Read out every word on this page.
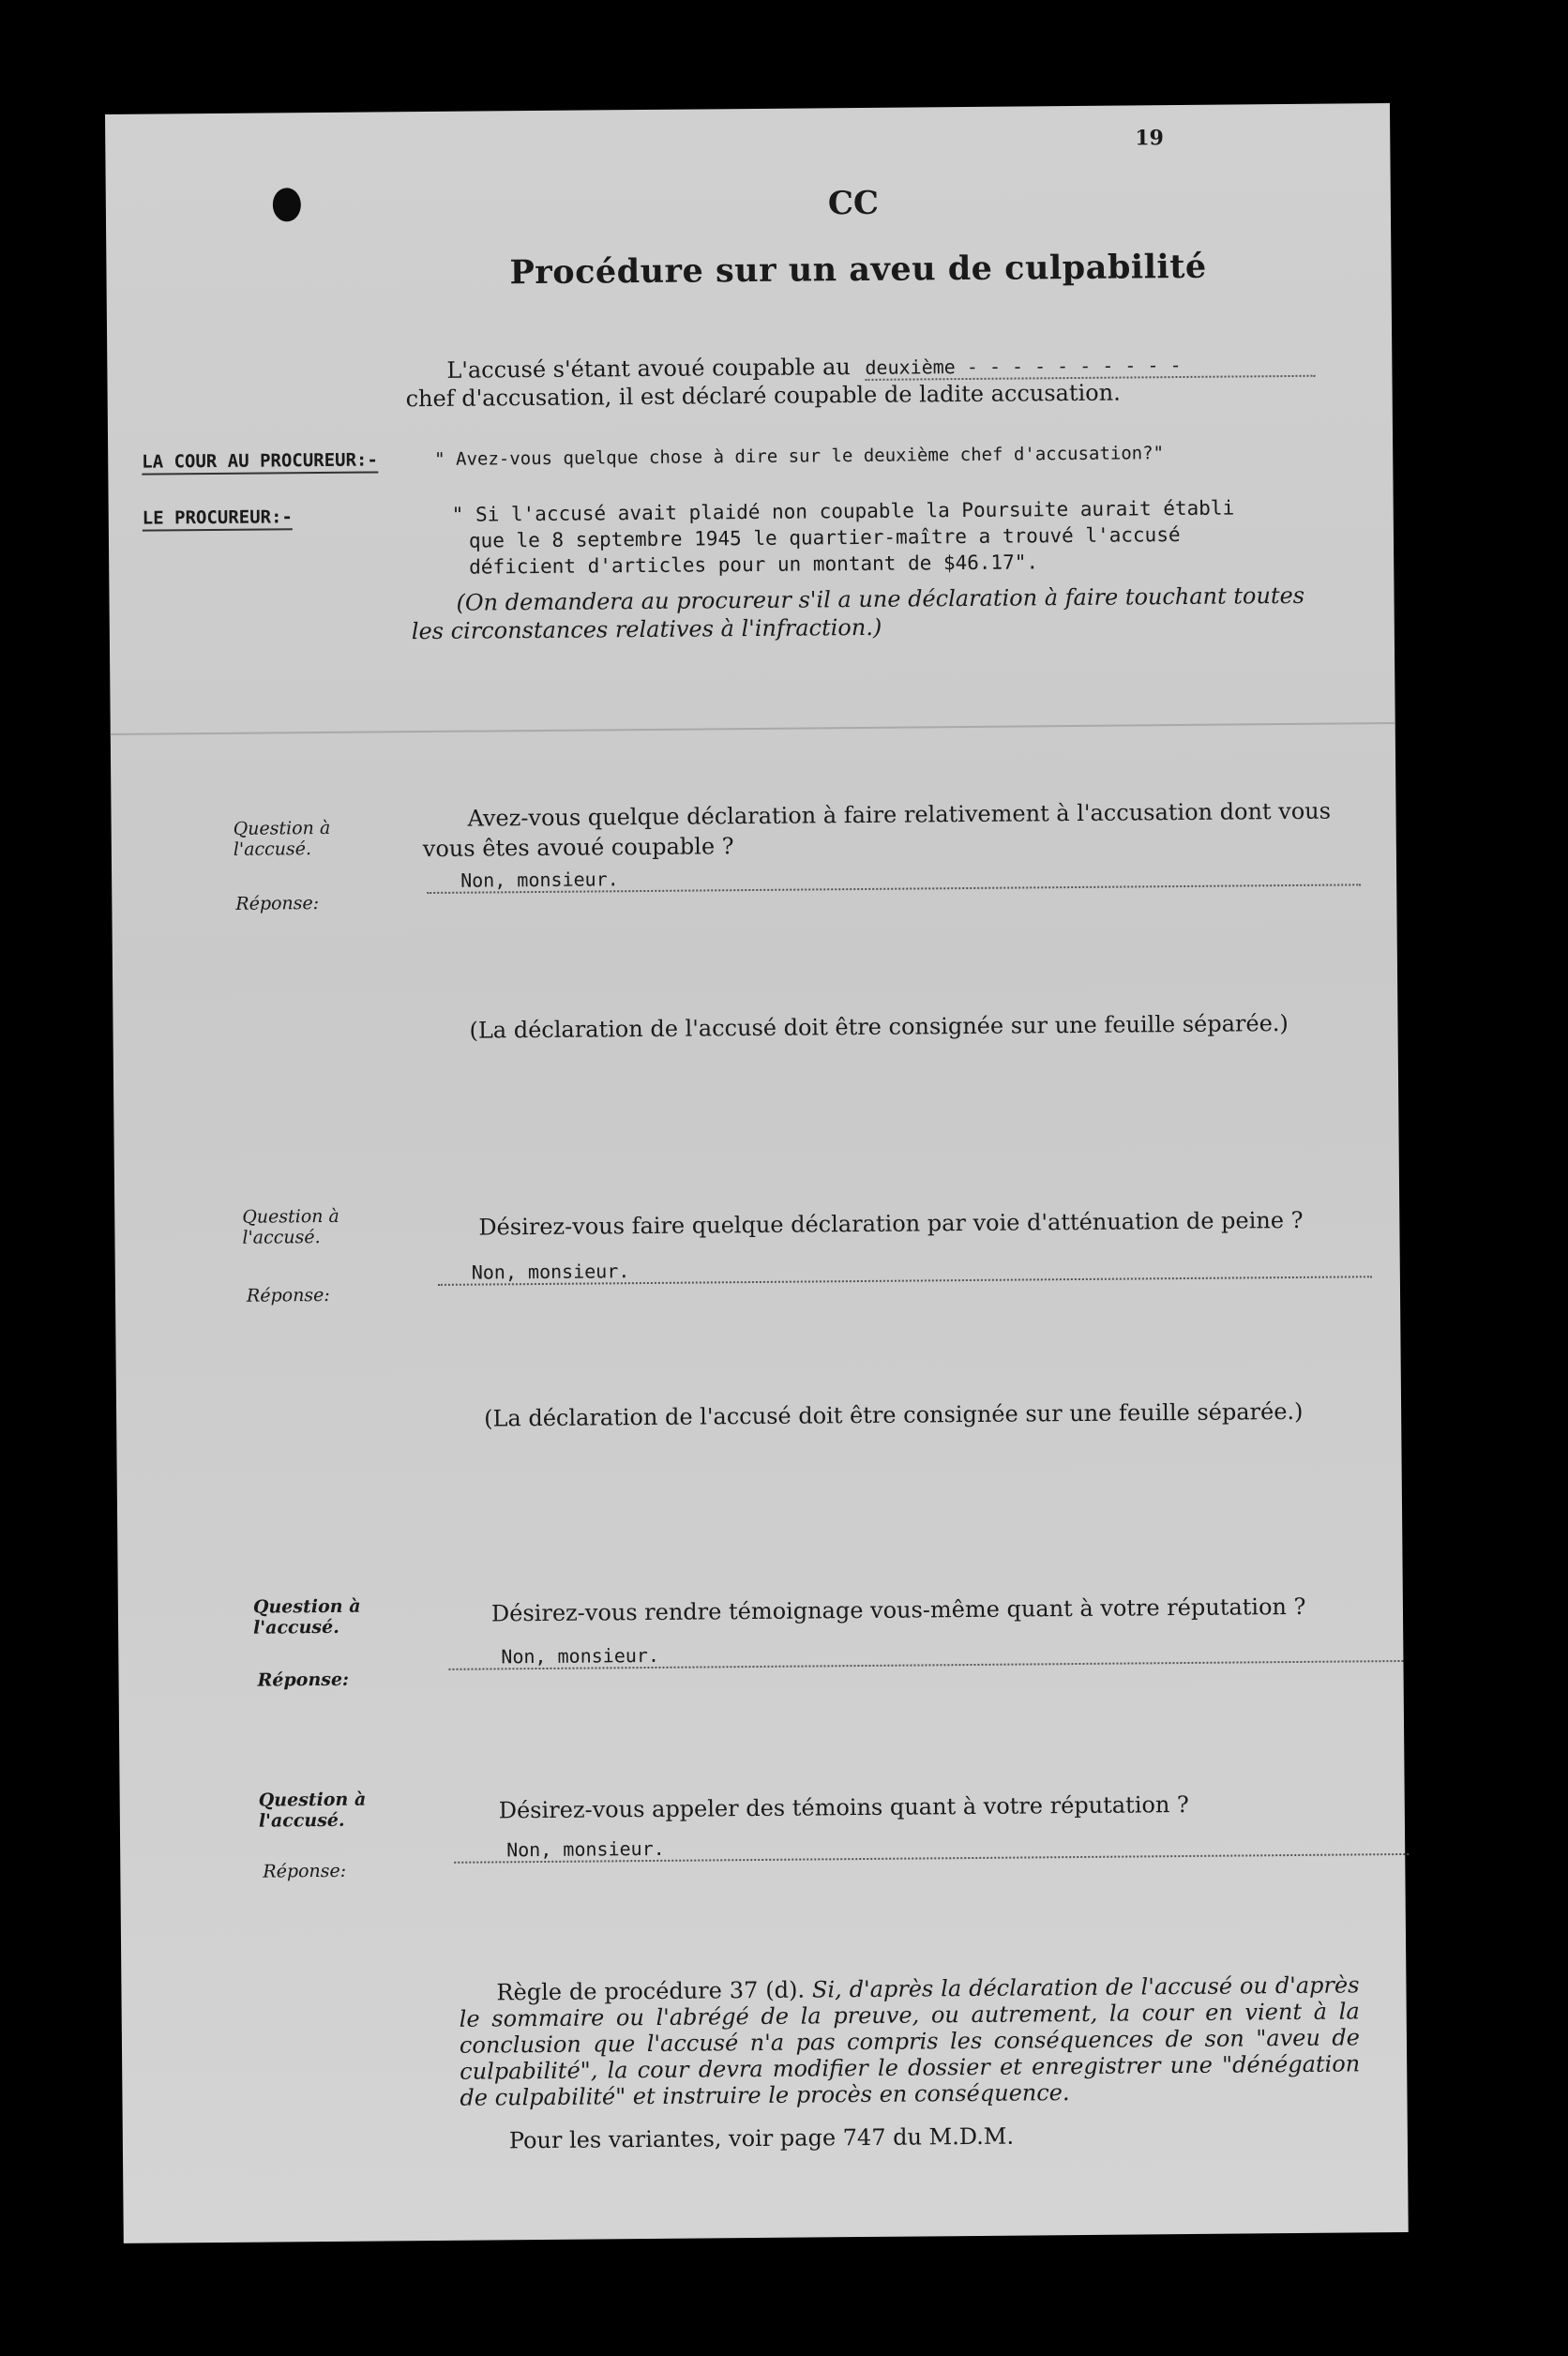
19
CC
Procédure sur un aveu de culpabilité
L'accusé s'étant avoué coupable au deuxième - - - - - - - - - -
chef d'accusation, il est déclaré coupable de ladite accusation.
LA COUR AU PROCUREUR:-	" Avez-vous quelque chose à dire sur le deuxième chef d'accusation?"
LE PROCUREUR:-	" Si l'accusé avait plaidé non coupable la Poursuite aurait établi
que le 8 septembre 1945 le quartier-maître a trouvé l'accusé
déficient d'articles pour un montant de $46.17".
(On demandera au procureur s'il a une déclaration à faire touchant toutes
les circonstances relatives à l'infraction.)
Question à l'accusé.
Avez-vous quelque déclaration à faire relativement à l'accusation dont vous
vous êtes avoué coupable ?
Réponse:
Non, monsieur.
(La déclaration de l'accusé doit être consignée sur une feuille séparée.)
Question à l'accusé.	Désirez-vous faire quelque déclaration par voie d'atténuation de peine ?
Réponse:
Non, monsieur.
(La déclaration de l'accusé doit être consignée sur une feuille séparée.)
Question à l'accusé.
Désirez-vous rendre témoignage vous-même quant à votre réputation ?
Réponse:
Non, monsieur.
Question à l'accusé.	Désirez-vous appeler des témoins quant à votre réputation ?
Réponse:
Non, monsieur.
Règle de procédure 37 (d). Si, d'après la déclaration de l'accusé ou d'après le sommaire ou l'abrégé de la preuve, ou autrement, la cour en vient à la conclusion que l'accusé n'a pas compris les conséquences de son "aveu de culpabilité", la cour devra modifier le dossier et enregistrer une "dénégation de culpabilité" et instruire le procès en conséquence.
Pour les variantes, voir page 747 du M.D.M.
